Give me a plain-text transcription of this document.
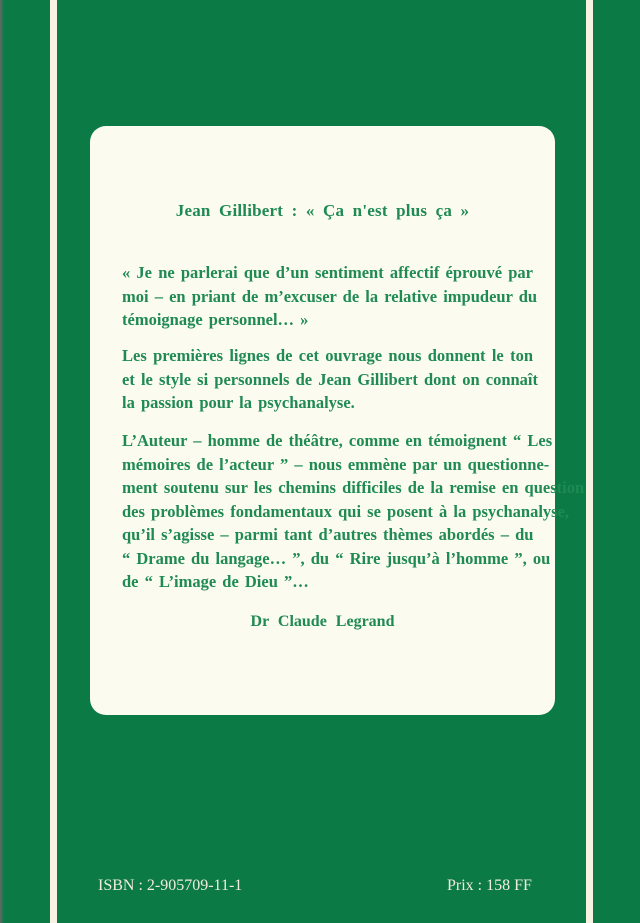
Jean Gillibert : « Ça n'est plus ça »
« Je ne parlerai que d’un sentiment affectif éprouvé par
moi – en priant de m’excuser de la relative impudeur du
témoignage personnel… »
Les premières lignes de cet ouvrage nous donnent le ton
et le style si personnels de Jean Gillibert dont on connaît
la passion pour la psychanalyse.
L’Auteur – homme de théâtre, comme en témoignent “ Les
mémoires de l’acteur ” – nous emmène par un questionne-
ment soutenu sur les chemins difficiles de la remise en question
des problèmes fondamentaux qui se posent à la psychanalyse,
qu’il s’agisse – parmi tant d’autres thèmes abordés – du
“ Drame du langage… ”, du “ Rire jusqu’à l’homme ”, ou
de “ L’image de Dieu ”…
Dr Claude Legrand
ISBN : 2-905709-11-1	Prix : 158 FF
